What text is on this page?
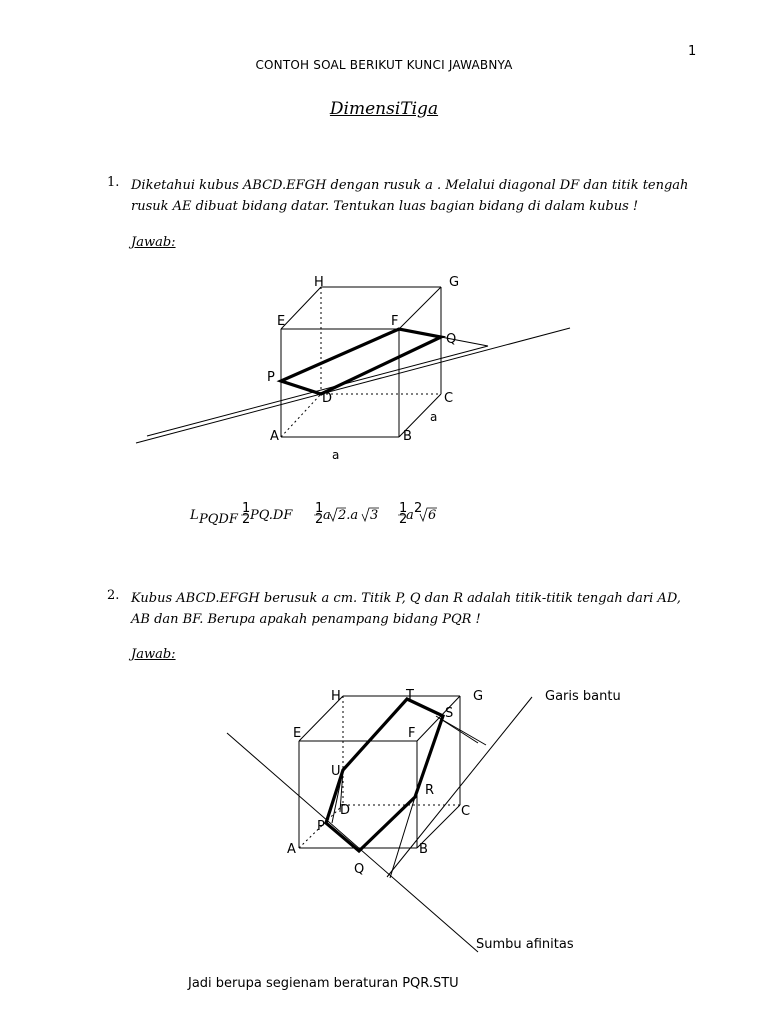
1
CONTOH SOAL BERIKUT KUNCI JAWABNYA
DimensiTiga
1. Diketahui kubus ABCD.EFGH dengan rusuk a . Melalui diagonal DF dan titik tengah
rusuk AE dibuat bidang datar. Tentukan luas bagian bidang di dalam kubus !
Jawab:
H	G
E	F
Q
P
D	C
a
A	B
a
L PQDF
1
2 PQ.DF 1
2 a 2.a 3 1
2
a 2 6
2. Kubus ABCD.EFGH berusuk a cm. Titik P, Q dan R adalah titik-titik tengah dari AD,
AB dan BF. Berupa apakah penampang bidang PQR !
Jawab:
H	T	G	Garis bantu
S
E	F
U
R
D	C
P
A	B
Q
Sumbu afinitas
Jadi berupa segienam beraturan PQR.STU
